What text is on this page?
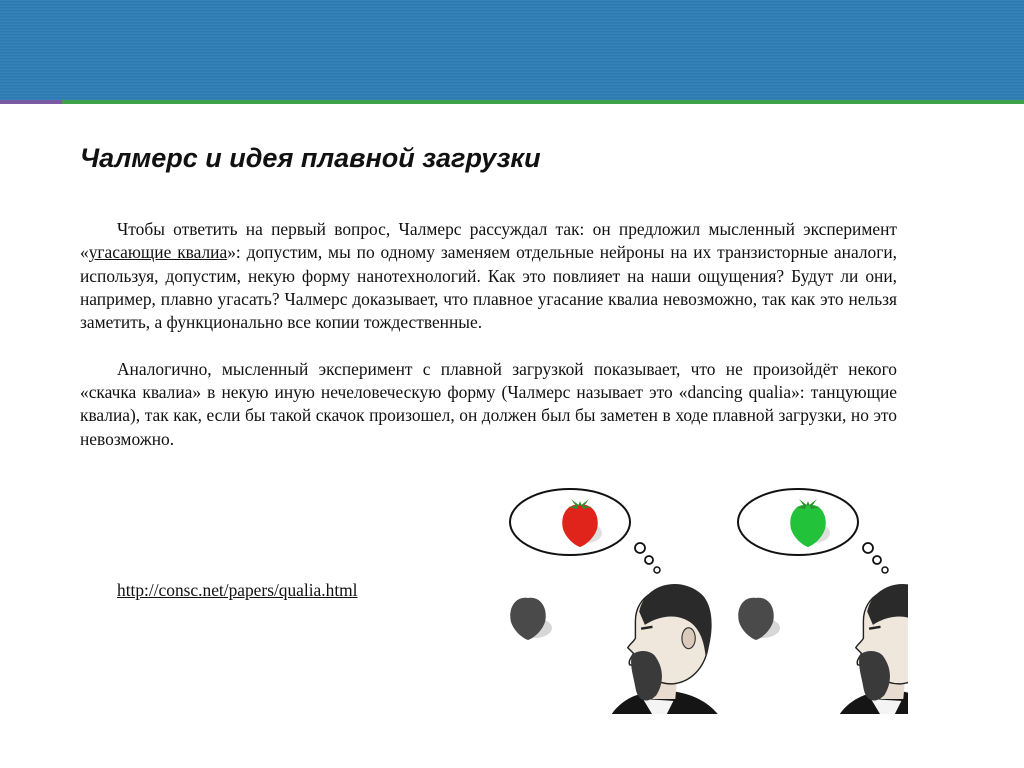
Чалмерс и идея плавной загрузки

Чтобы ответить на первый вопрос, Чалмерс рассуждал так: он предложил мысленный эксперимент «угасающие квалиа»: допустим, мы по одному заменяем отдельные нейроны на их транзисторные аналоги, используя, допустим, некую форму нанотехнологий. Как это повлияет на наши ощущения? Будут ли они, например, плавно угасать? Чалмерс доказывает, что плавное угасание квалиа невозможно, так как это нельзя заметить, а функционально все копии тождественные.

Аналогично, мысленный эксперимент с плавной загрузкой показывает, что не произойдёт некого «скачка квалиа» в некую иную нечеловеческую форму (Чалмерс называет это «dancing qualia»: танцующие квалиа), так как, если бы такой скачок произошел, он должен был бы заметен в ходе плавной загрузки, но это невозможно.

http://consc.net/papers/qualia.html
